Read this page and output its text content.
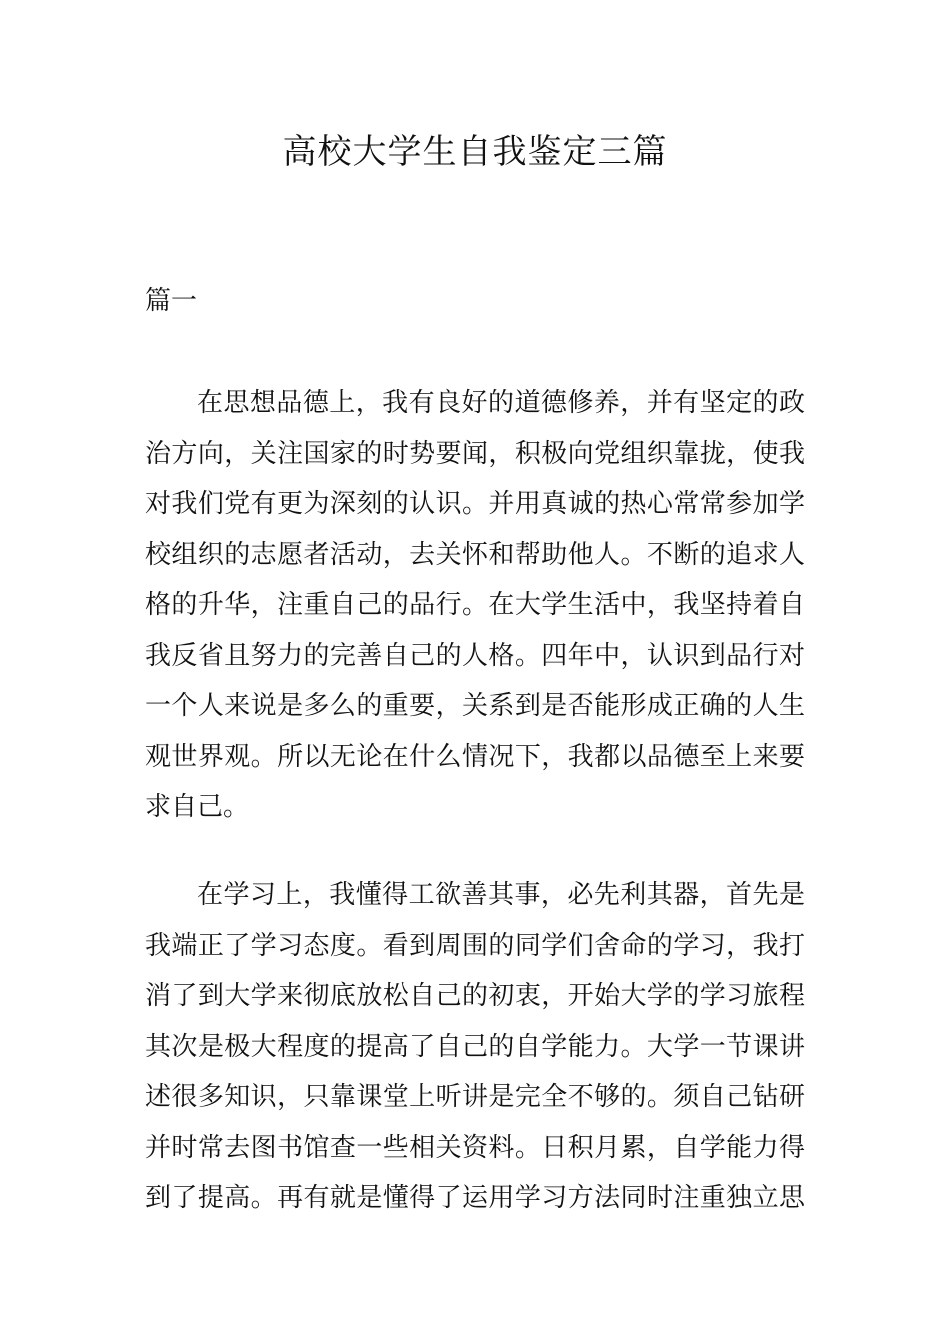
高校大学生自我鉴定三篇
篇一

在思想品德上，我有良好的道德修养，并有坚定的政
治方向，关注国家的时势要闻，积极向党组织靠拢，使我
对我们党有更为深刻的认识。并用真诚的热心常常参加学
校组织的志愿者活动，去关怀和帮助他人。不断的追求人
格的升华，注重自己的品行。在大学生活中，我坚持着自
我反省且努力的完善自己的人格。四年中，认识到品行对
一个人来说是多么的重要，关系到是否能形成正确的人生
观世界观。所以无论在什么情况下，我都以品德至上来要
求自己。

在学习上，我懂得工欲善其事，必先利其器，首先是
我端正了学习态度。看到周围的同学们舍命的学习，我打
消了到大学来彻底放松自己的初衷，开始大学的学习旅程
其次是极大程度的提高了自己的自学能力。大学一节课讲
述很多知识，只靠课堂上听讲是完全不够的。须自己钻研
并时常去图书馆查一些相关资料。日积月累，自学能力得
到了提高。再有就是懂得了运用学习方法同时注重独立思
